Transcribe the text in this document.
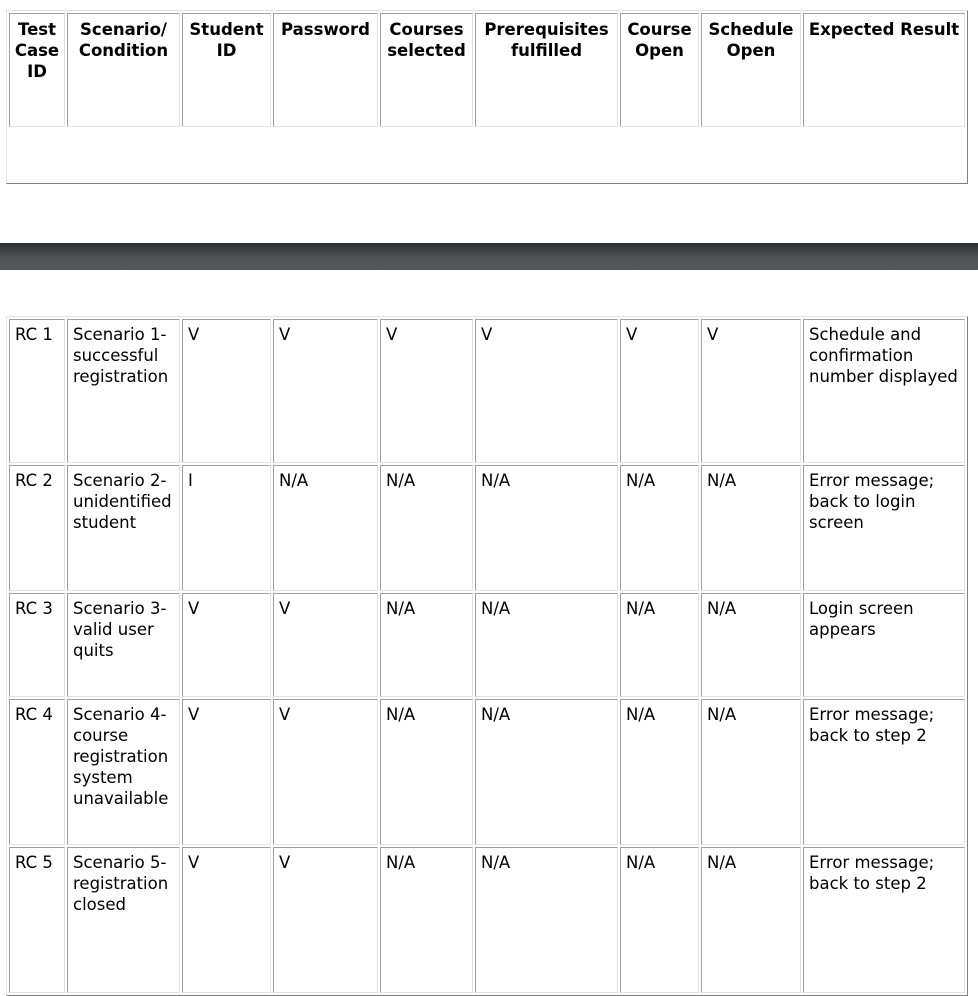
Test Case ID	Scenario/ Condition	Student ID	Password	Courses selected	Prerequisites fulfilled	Course Open	Schedule Open	Expected Result

RC 1	Scenario 1- successful registration	V	V	V	V	V	V	Schedule and confirmation number displayed
RC 2	Scenario 2- unidentified student	I	N/A	N/A	N/A	N/A	N/A	Error message; back to login screen
RC 3	Scenario 3- valid user quits	V	V	N/A	N/A	N/A	N/A	Login screen appears
RC 4	Scenario 4- course registration system unavailable	V	V	N/A	N/A	N/A	N/A	Error message; back to step 2
RC 5	Scenario 5- registration closed	V	V	N/A	N/A	N/A	N/A	Error message; back to step 2
